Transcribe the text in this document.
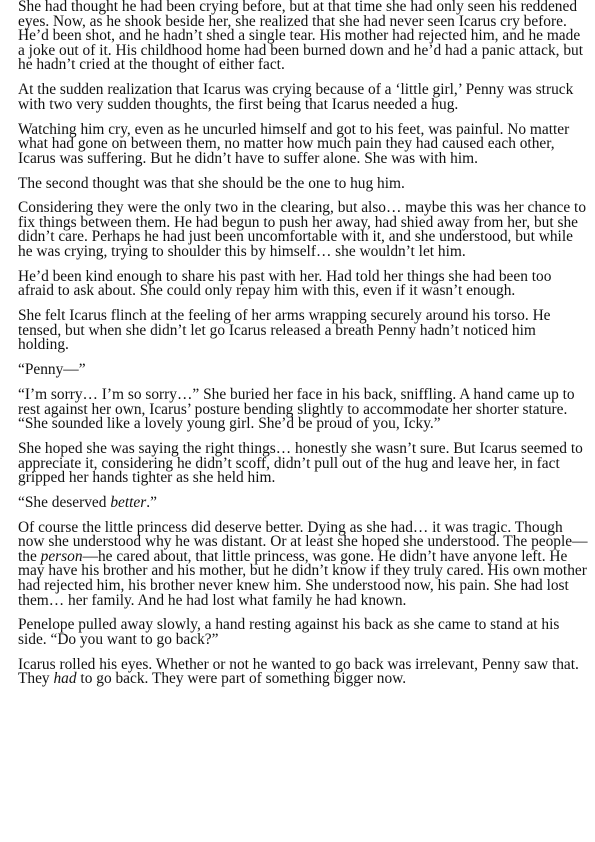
She had thought he had been crying before, but at that time she had only seen his reddened eyes. Now, as he shook beside her, she realized that she had never seen Icarus cry before. He’d been shot, and he hadn’t shed a single tear. His mother had rejected him, and he made a joke out of it. His childhood home had been burned down and he’d had a panic attack, but he hadn’t cried at the thought of either fact.

At the sudden realization that Icarus was crying because of a ‘little girl,’ Penny was struck with two very sudden thoughts, the first being that Icarus needed a hug.

Watching him cry, even as he uncurled himself and got to his feet, was painful. No matter what had gone on between them, no matter how much pain they had caused each other, Icarus was suffering. But he didn’t have to suffer alone. She was with him.

The second thought was that she should be the one to hug him.

Considering they were the only two in the clearing, but also… maybe this was her chance to fix things between them. He had begun to push her away, had shied away from her, but she didn’t care. Perhaps he had just been uncomfortable with it, and she understood, but while he was crying, trying to shoulder this by himself… she wouldn’t let him.

He’d been kind enough to share his past with her. Had told her things she had been too afraid to ask about. She could only repay him with this, even if it wasn’t enough.

She felt Icarus flinch at the feeling of her arms wrapping securely around his torso. He tensed, but when she didn’t let go Icarus released a breath Penny hadn’t noticed him holding.

“Penny—”

“I’m sorry… I’m so sorry…” She buried her face in his back, sniffling. A hand came up to rest against her own, Icarus’ posture bending slightly to accommodate her shorter stature. “She sounded like a lovely young girl. She’d be proud of you, Icky.”

She hoped she was saying the right things… honestly she wasn’t sure. But Icarus seemed to appreciate it, considering he didn’t scoff, didn’t pull out of the hug and leave her, in fact gripped her hands tighter as she held him.

“She deserved better.”

Of course the little princess did deserve better. Dying as she had… it was tragic. Though now she understood why he was distant. Or at least she hoped she understood. The people—the person—he cared about, that little princess, was gone. He didn’t have anyone left. He may have his brother and his mother, but he didn’t know if they truly cared. His own mother had rejected him, his brother never knew him. She understood now, his pain. She had lost them… her family. And he had lost what family he had known.

Penelope pulled away slowly, a hand resting against his back as she came to stand at his side. “Do you want to go back?”

Icarus rolled his eyes. Whether or not he wanted to go back was irrelevant, Penny saw that. They had to go back. They were part of something bigger now.
